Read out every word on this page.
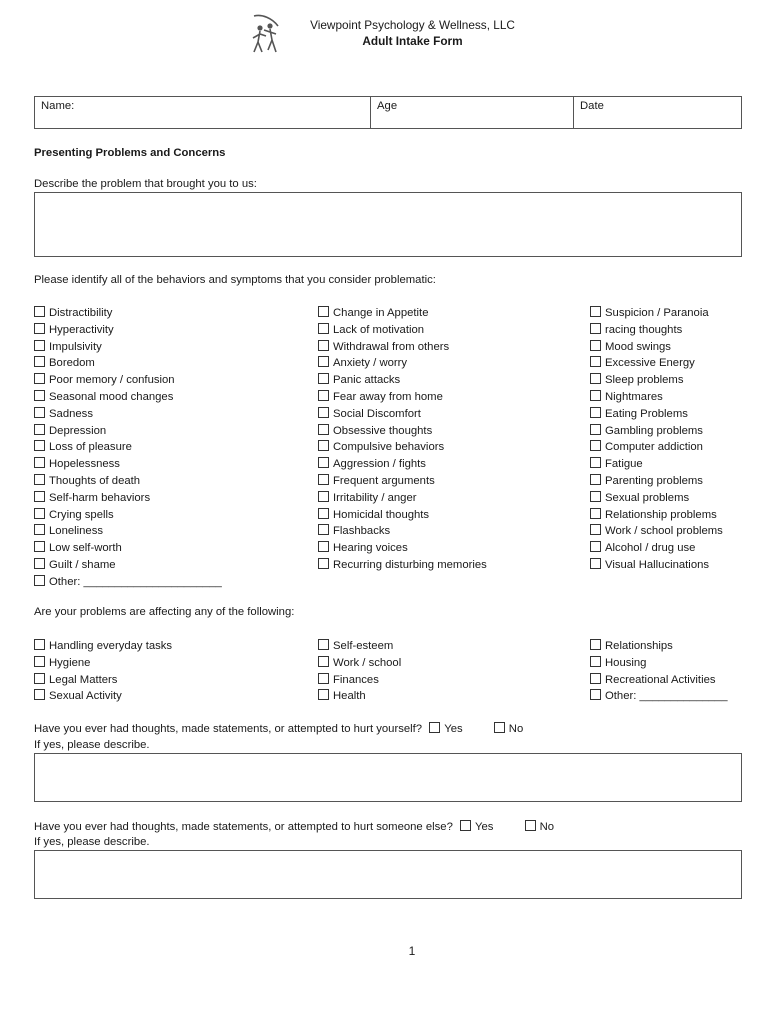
Viewpoint Psychology & Wellness, LLC
Adult Intake Form
Name:	Age	Date
Presenting Problems and Concerns
Describe the problem that brought you to us:
Please identify all of the behaviors and symptoms that you consider problematic:
Distractibility
Hyperactivity
Impulsivity
Boredom
Poor memory / confusion
Seasonal mood changes
Sadness
Depression
Loss of pleasure
Hopelessness
Thoughts of death
Self-harm behaviors
Crying spells
Loneliness
Low self-worth
Guilt / shame
Other: ______________________
Change in Appetite
Lack of motivation
Withdrawal from others
Anxiety / worry
Panic attacks
Fear away from home
Social Discomfort
Obsessive thoughts
Compulsive behaviors
Aggression / fights
Frequent arguments
Irritability / anger
Homicidal thoughts
Flashbacks
Hearing voices
Recurring disturbing memories
Suspicion / Paranoia
racing thoughts
Mood swings
Excessive Energy
Sleep problems
Nightmares
Eating Problems
Gambling problems
Computer addiction
Fatigue
Parenting problems
Sexual problems
Relationship problems
Work / school problems
Alcohol / drug use
Visual Hallucinations
Are your problems are affecting any of the following:
Handling everyday tasks
Hygiene
Legal Matters
Sexual Activity
Self-esteem
Work / school
Finances
Health
Relationships
Housing
Recreational Activities
Other: ______________
Have you ever had thoughts, made statements, or attempted to hurt yourself? Yes	No
If yes, please describe.
Have you ever had thoughts, made statements, or attempted to hurt someone else? Yes	No
If yes, please describe.
1
